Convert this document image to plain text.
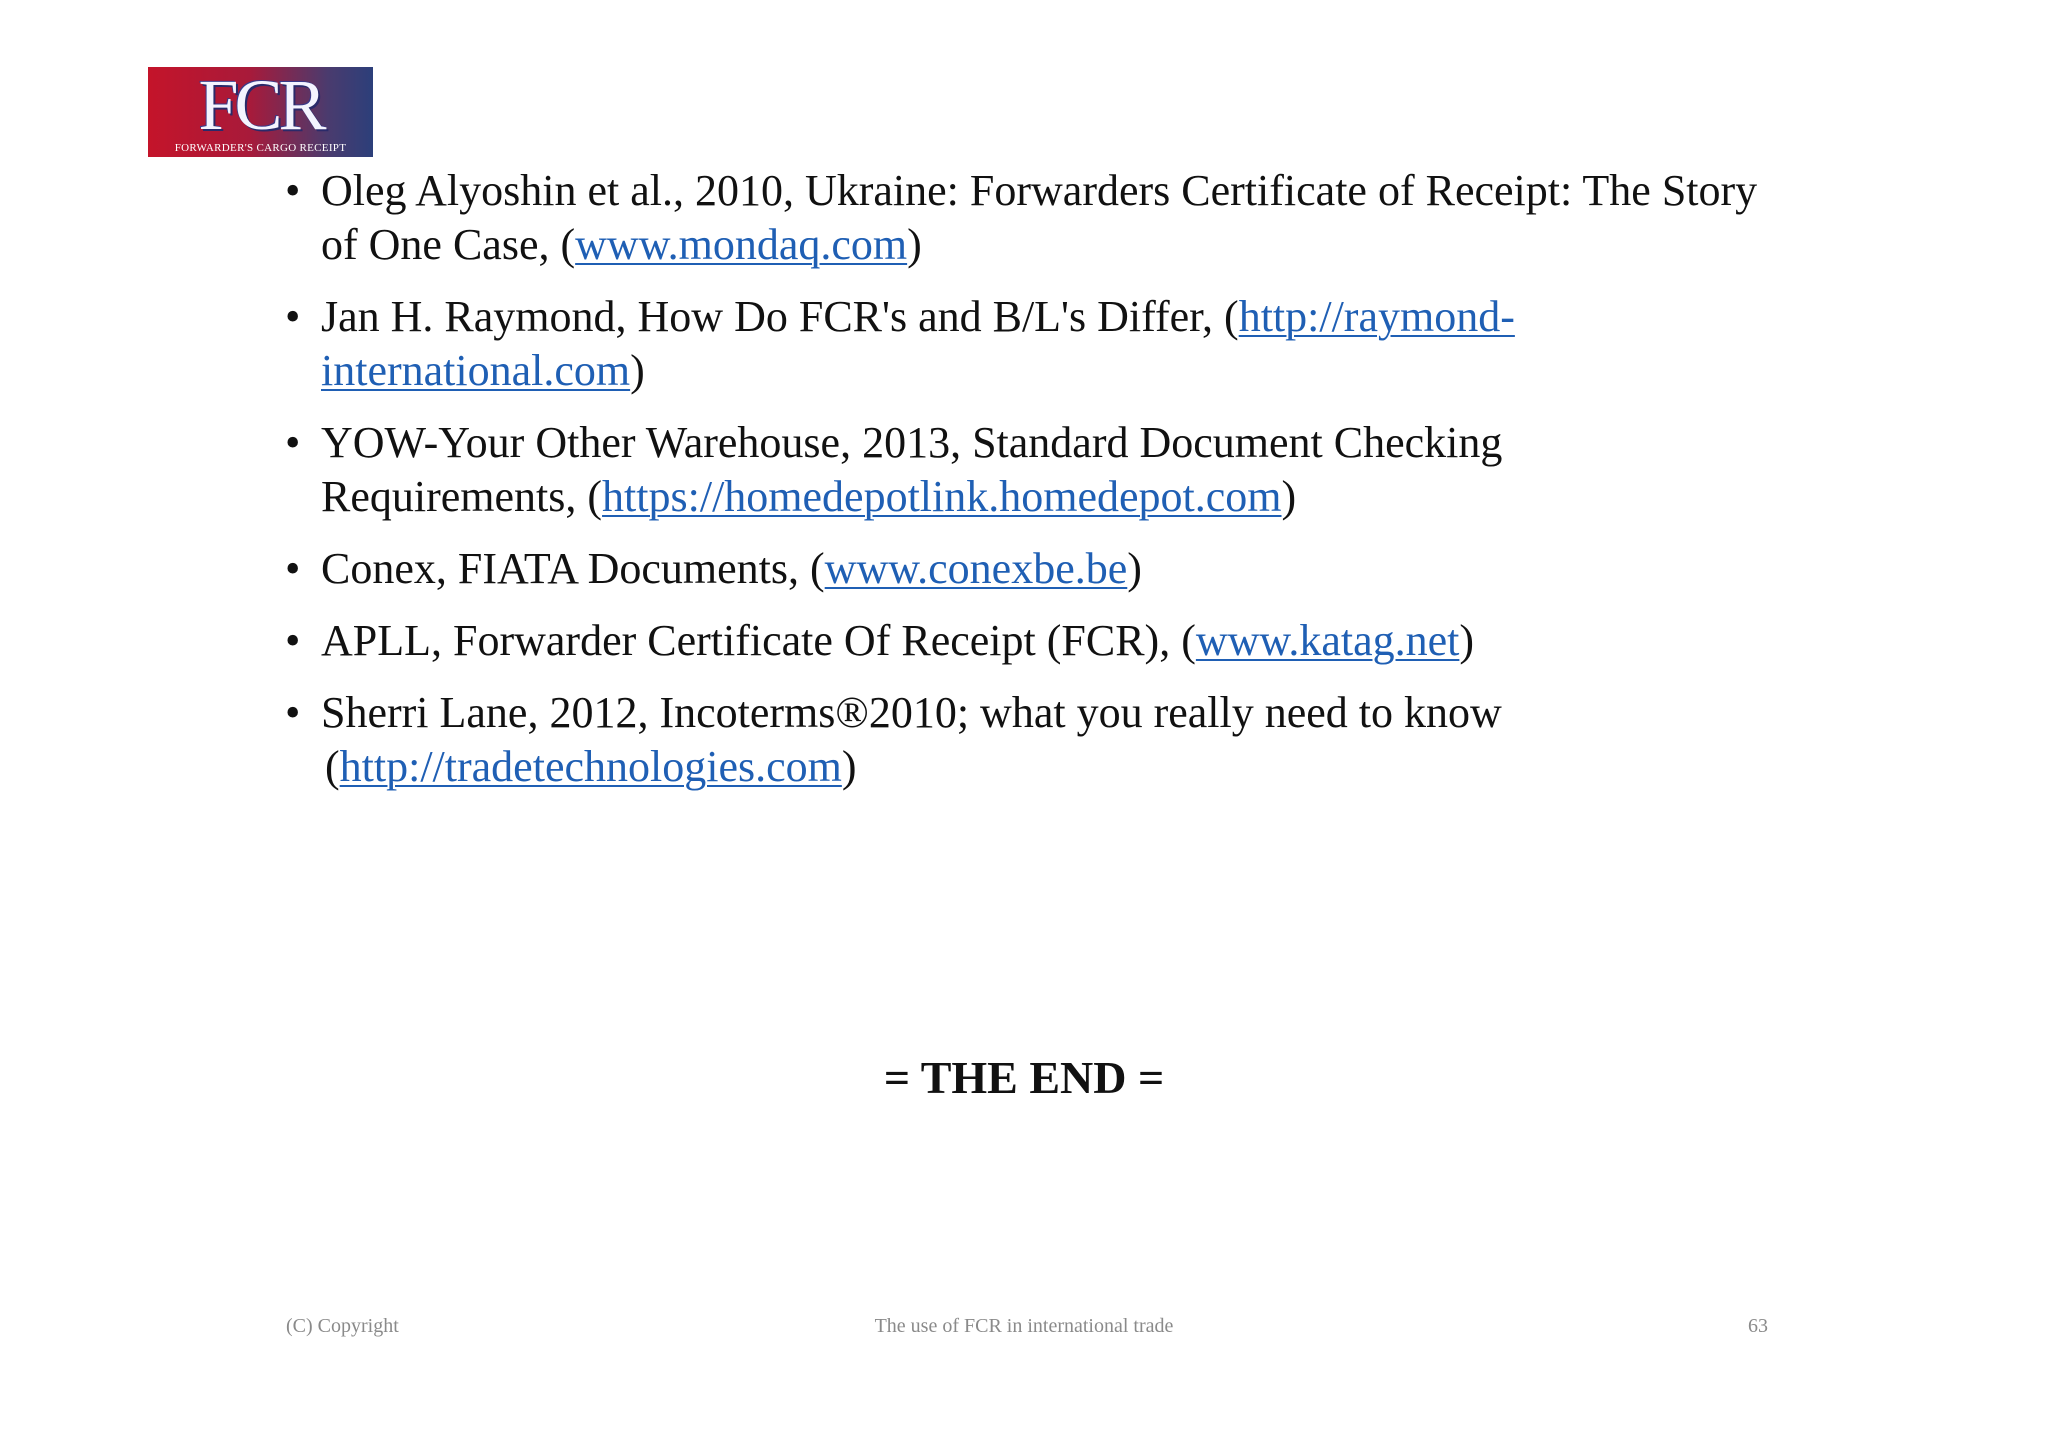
FCR
FORWARDER'S CARGO RECEIPT
• Oleg Alyoshin et al., 2010, Ukraine: Forwarders Certificate of Receipt: The Story of One Case, (www.mondaq.com)
• Jan H. Raymond, How Do FCR's and B/L's Differ, (http://raymond-international.com)
• YOW-Your Other Warehouse, 2013, Standard Document Checking Requirements, (https://homedepotlink.homedepot.com)
• Conex, FIATA Documents, (www.conexbe.be)
• APLL, Forwarder Certificate Of Receipt (FCR), (www.katag.net)
• Sherri Lane, 2012, Incoterms®2010; what you really need to know
(http://tradetechnologies.com)
= THE END =
(C) Copyright	The use of FCR in international trade	63
